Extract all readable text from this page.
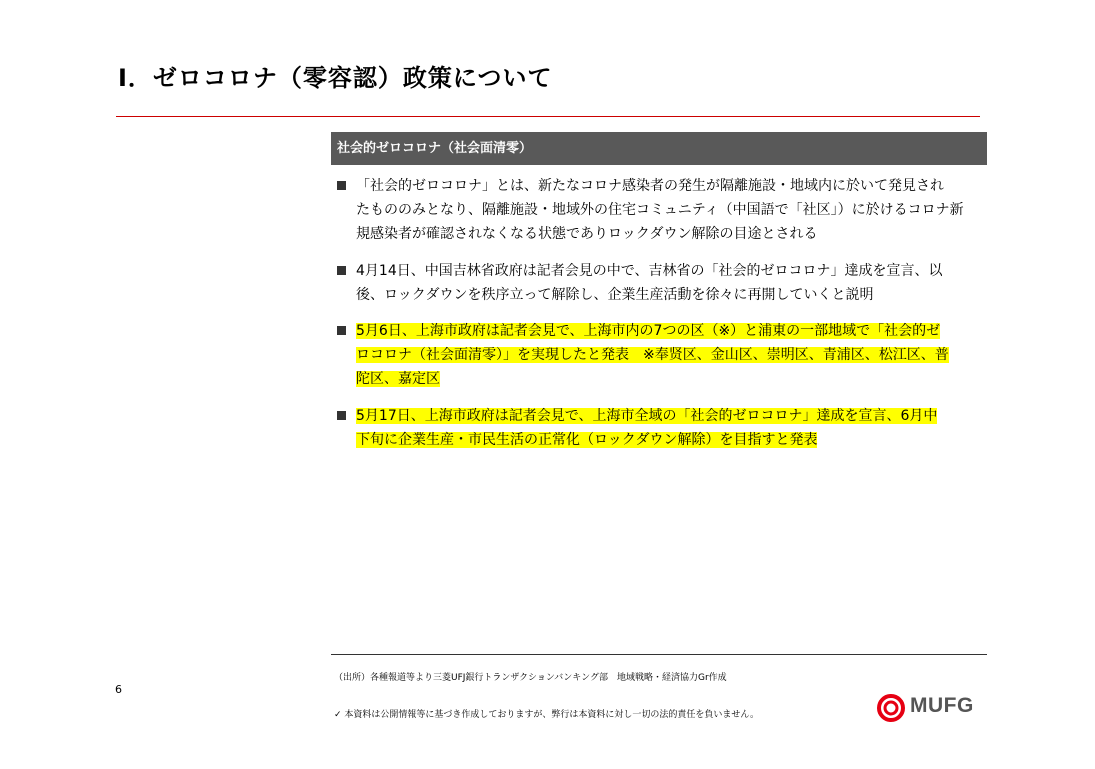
Ⅰ．ゼロコロナ（零容認）政策について
社会的ゼロコロナ（社会面清零）
「社会的ゼロコロナ」とは、新たなコロナ感染者の発生が隔離施設・地域内に於いて発見され
たもののみとなり、隔離施設・地域外の住宅コミュニティ（中国語で「社区」）に於けるコロナ新
規感染者が確認されなくなる状態でありロックダウン解除の目途とされる
4月14日、中国吉林省政府は記者会見の中で、吉林省の「社会的ゼロコロナ」達成を宣言、以
後、ロックダウンを秩序立って解除し、企業生産活動を徐々に再開していくと説明
5月6日、上海市政府は記者会見で、上海市内の7つの区（※）と浦東の一部地域で「社会的ゼ
ロコロナ（社会面清零）」を実現したと発表　※奉贤区、金山区、崇明区、青浦区、松江区、普
陀区、嘉定区
5月17日、上海市政府は記者会見で、上海市全域の「社会的ゼロコロナ」達成を宣言、6月中
下旬に企業生産・市民生活の正常化（ロックダウン解除）を目指すと発表
（出所）各種報道等より三菱UFJ銀行トランザクションバンキング部　地域戦略・経済協力Gr作成
6
✓ 本資料は公開情報等に基づき作成しておりますが、弊行は本資料に対し一切の法的責任を負いません。	MUFG
